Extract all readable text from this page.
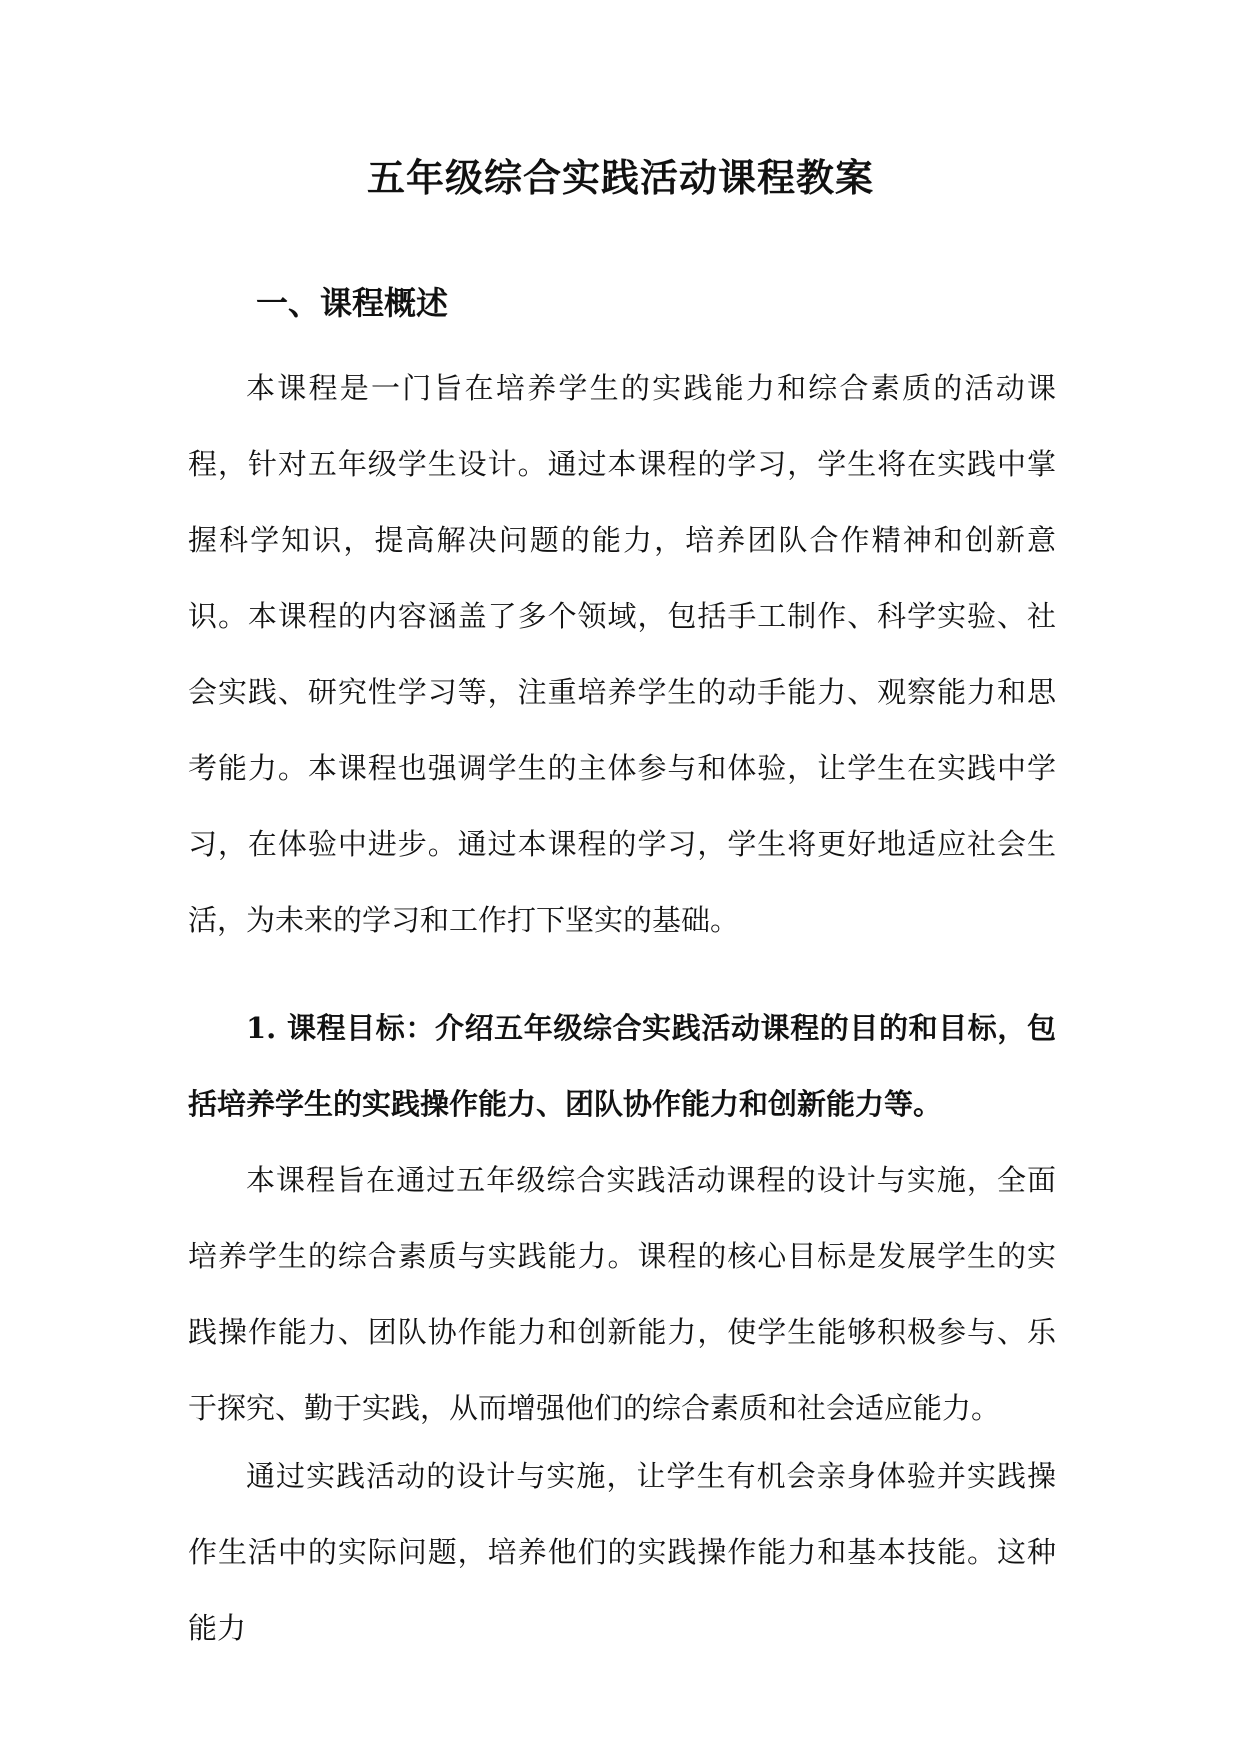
五年级综合实践活动课程教案
一、课程概述

本课程是一门旨在培养学生的实践能力和综合素质的活动课程，针对五年级学生设计。通过本课程的学习，学生将在实践中掌握科学知识，提高解决问题的能力，培养团队合作精神和创新意识。本课程的内容涵盖了多个领域，包括手工制作、科学实验、社会实践、研究性学习等，注重培养学生的动手能力、观察能力和思考能力。本课程也强调学生的主体参与和体验，让学生在实践中学习，在体验中进步。通过本课程的学习，学生将更好地适应社会生活，为未来的学习和工作打下坚实的基础。

1. 课程目标：介绍五年级综合实践活动课程的目的和目标，包括培养学生的实践操作能力、团队协作能力和创新能力等。

本课程旨在通过五年级综合实践活动课程的设计与实施，全面培养学生的综合素质与实践能力。课程的核心目标是发展学生的实践操作能力、团队协作能力和创新能力，使学生能够积极参与、乐于探究、勤于实践，从而增强他们的综合素质和社会适应能力。

通过实践活动的设计与实施，让学生有机会亲身体验并实践操作生活中的实际问题，培养他们的实践操作能力和基本技能。这种能力
